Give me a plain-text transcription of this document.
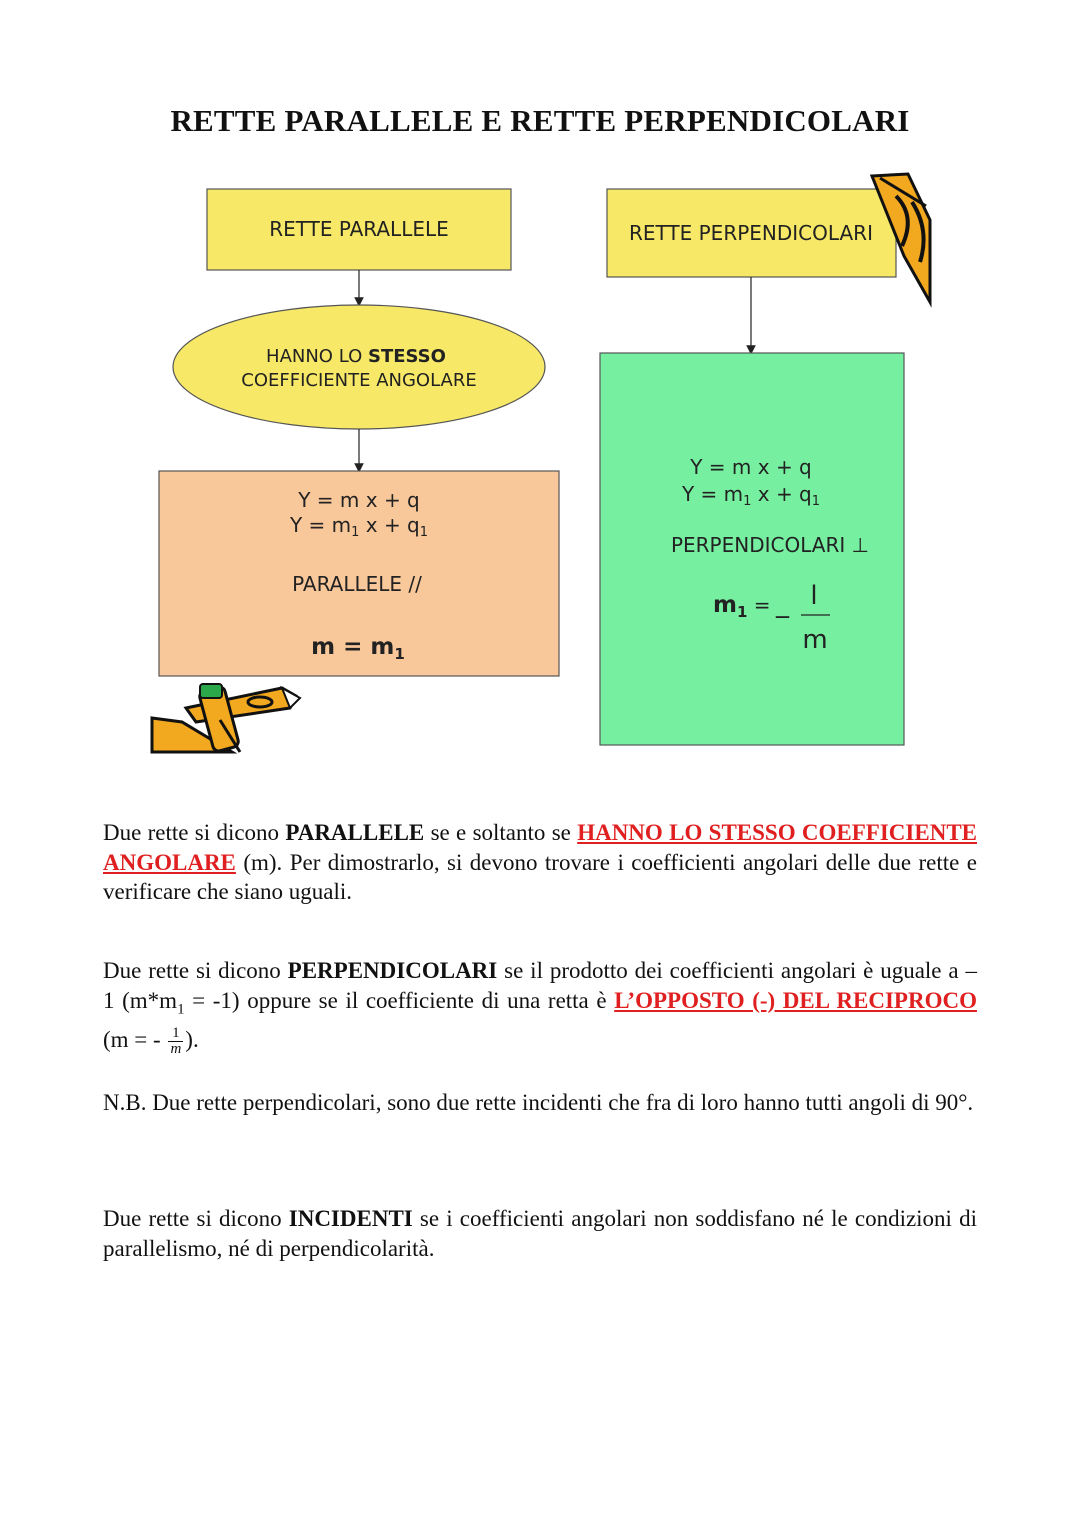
RETTE PARALLELE E RETTE PERPENDICOLARI
RETTE PARALLELE
HANNO LO STESSO
COEFFICIENTE ANGOLARE
Y = m x + q
$Y = m_1$ $x + q_1$
PARALLELE //
$m = m_1$
RETTE PERPENDICOLARI
Y = m x + q
$Y = m_1$ $x + q_1$
PERPENDICOLARI ⊥
$m_1$ = _ l
m

Due rette si dicono PARALLELE se e soltanto se HANNO LO STESSO COEFFICIENTE ANGOLARE (m). Per dimostrarlo, si devono trovare i coefficienti angolari delle due rette e verificare che siano uguali.

Due rette si dicono PERPENDICOLARI se il prodotto dei coefficienti angolari è uguale a – 1 $(m*m_1 = -1)$ oppure se il coefficiente di una retta è L’OPPOSTO (-) DEL RECIPROCO (m = - $\frac{1}{m}$ ).

N.B. Due rette perpendicolari, sono due rette incidenti che fra di loro hanno tutti angoli di 90°.

Due rette si dicono INCIDENTI se i coefficienti angolari non soddisfano né le condizioni di parallelismo, né di perpendicolarità.
